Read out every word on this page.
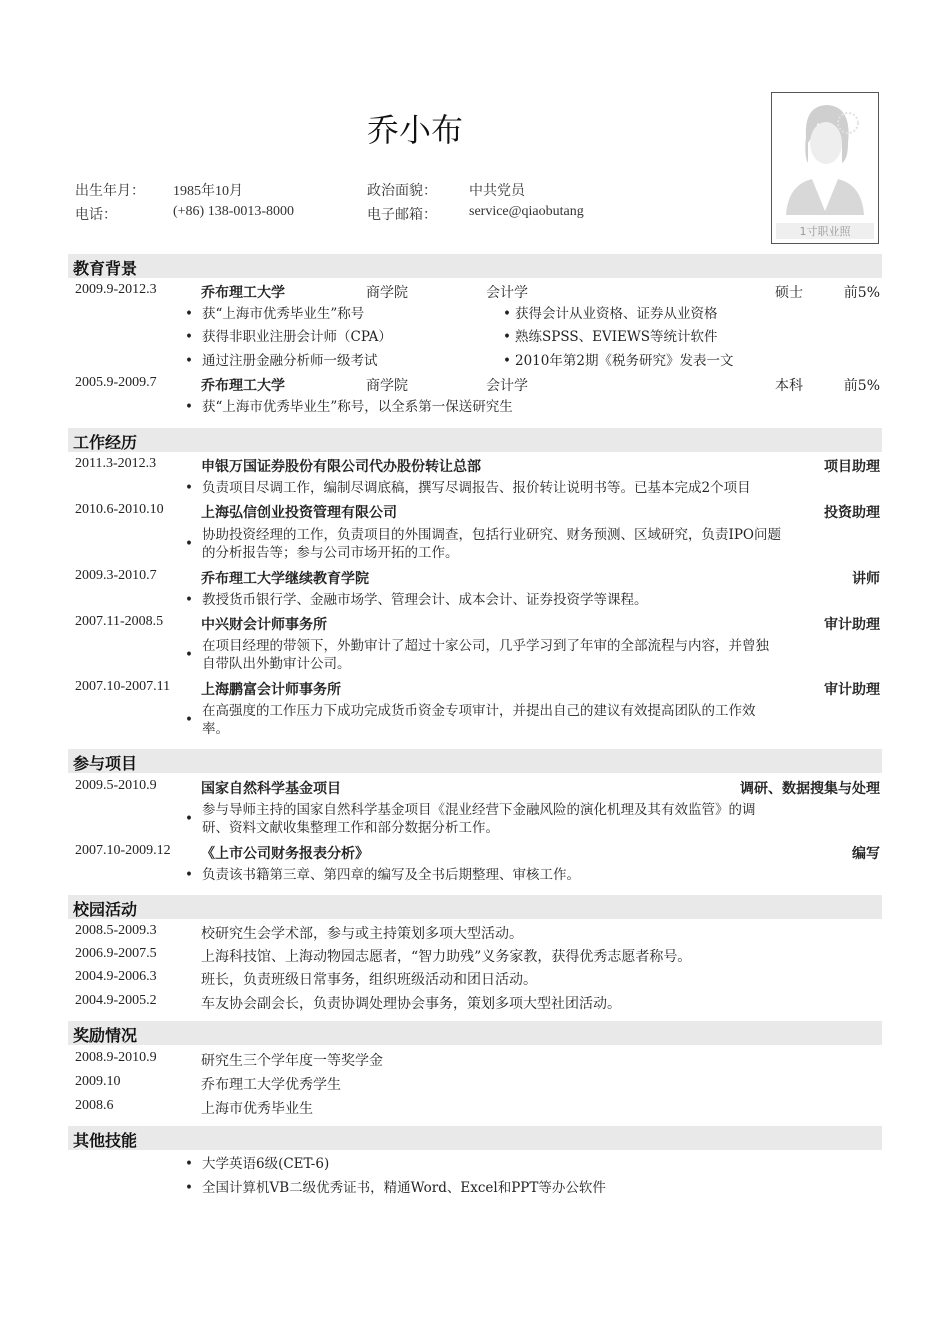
乔小布
出生年月： 1985年10月	政治面貌： 中共党员
电话：	(+86) 138-0013-8000	电子邮箱： service@qiaobutang
1寸职业照
教育背景
2009.9-2012.3	乔布理工大学	商学院	会计学	硕士	前5%
• 获“上海市优秀毕业生”称号	• 获得会计从业资格、证券从业资格
• 获得非职业注册会计师（CPA）	• 熟练SPSS、EVIEWS等统计软件
• 通过注册金融分析师一级考试	• 2010年第2期《税务研究》发表一文
2005.9-2009.7	乔布理工大学	商学院	会计学	本科	前5%
• 获“上海市优秀毕业生”称号，以全系第一保送研究生
工作经历
2011.3-2012.3	申银万国证券股份有限公司代办股份转让总部	项目助理
• 负责项目尽调工作，编制尽调底稿，撰写尽调报告、报价转让说明书等。已基本完成2个项目
2010.6-2010.10	上海弘信创业投资管理有限公司	投资助理
•
协助投资经理的工作，负责项目的外围调查，包括行业研究、财务预测、区域研究，负责IPO问题
的分析报告等；参与公司市场开拓的工作。
2009.3-2010.7	乔布理工大学继续教育学院	讲师
• 教授货币银行学、金融市场学、管理会计、成本会计、证券投资学等课程。
2007.11-2008.5	中兴财会计师事务所	审计助理
•
在项目经理的带领下，外勤审计了超过十家公司，几乎学习到了年审的全部流程与内容，并曾独
自带队出外勤审计公司。
2007.10-2007.11 上海鹏富会计师事务所	审计助理
•
在高强度的工作压力下成功完成货币资金专项审计，并提出自己的建议有效提高团队的工作效
率。
参与项目
2009.5-2010.9	国家自然科学基金项目	调研、数据搜集与处理
•
参与导师主持的国家自然科学基金项目《混业经营下金融风险的演化机理及其有效监管》的调
研、资料文献收集整理工作和部分数据分析工作。
2007.10-2009.12 《上市公司财务报表分析》	编写
• 负责该书籍第三章、第四章的编写及全书后期整理、审核工作。
校园活动
2008.5-2009.3	校研究生会学术部，参与或主持策划多项大型活动。
2006.9-2007.5	上海科技馆、上海动物园志愿者，“智力助残”义务家教，获得优秀志愿者称号。
2004.9-2006.3	班长，负责班级日常事务，组织班级活动和团日活动。
2004.9-2005.2	车友协会副会长，负责协调处理协会事务，策划多项大型社团活动。
奖励情况
2008.9-2010.9	研究生三个学年度一等奖学金
2009.10	乔布理工大学优秀学生
2008.6	上海市优秀毕业生
其他技能
• 大学英语6级(CET-6)
• 全国计算机VB二级优秀证书，精通Word、Excel和PPT等办公软件
